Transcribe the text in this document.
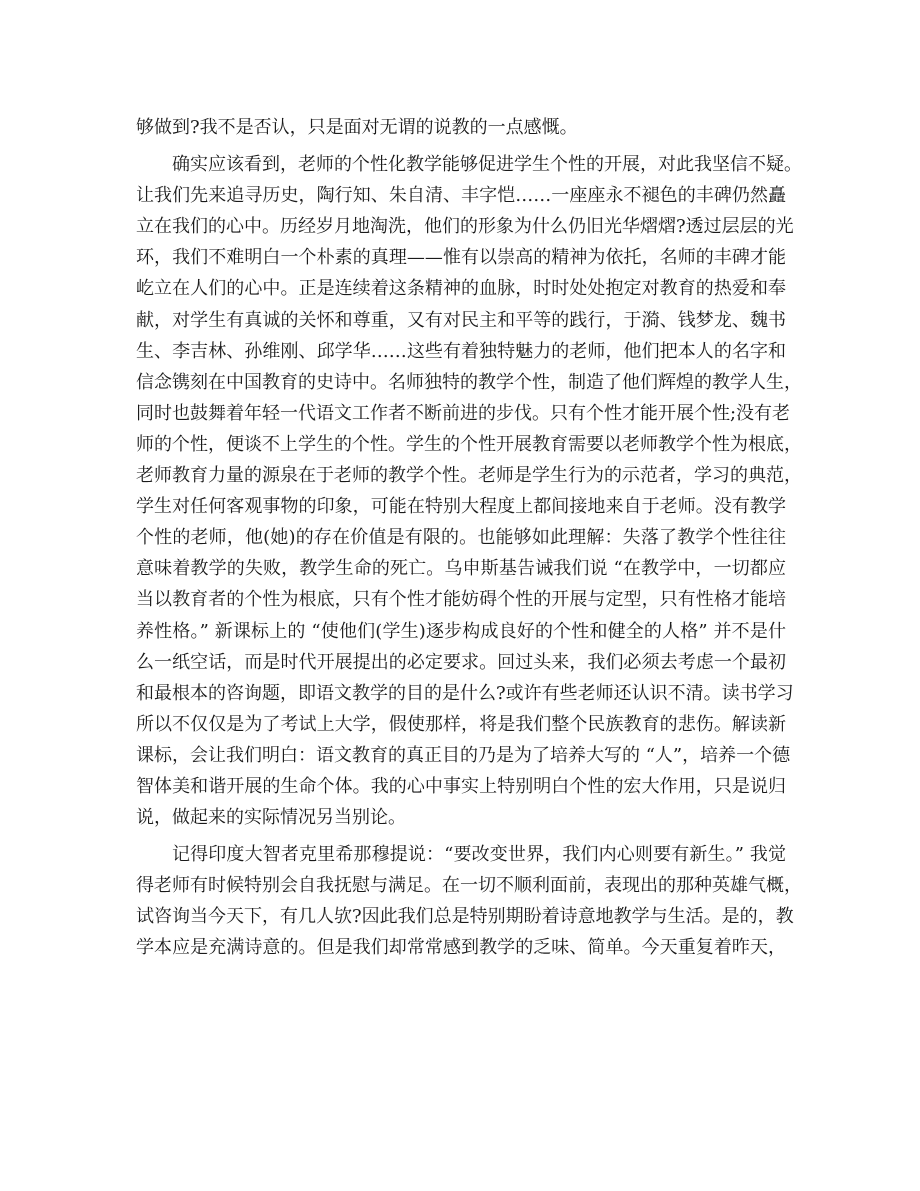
够做到?我不是否认，只是面对无谓的说教的一点感慨。
确实应该看到，老师的个性化教学能够促进学生个性的开展，对此我坚信不疑。
让我们先来追寻历史，陶行知、朱自清、丰字恺……一座座永不褪色的丰碑仍然矗
立在我们的心中。历经岁月地淘洗，他们的形象为什么仍旧光华熠熠?透过层层的光
环，我们不难明白一个朴素的真理——惟有以崇高的精神为依托，名师的丰碑才能
屹立在人们的心中。正是连续着这条精神的血脉，时时处处抱定对教育的热爱和奉
献，对学生有真诚的关怀和尊重，又有对民主和平等的践行，于漪、钱梦龙、魏书
生、李吉林、孙维刚、邱学华……这些有着独特魅力的老师，他们把本人的名字和
信念镌刻在中国教育的史诗中。名师独特的教学个性，制造了他们辉煌的教学人生，
同时也鼓舞着年轻一代语文工作者不断前进的步伐。只有个性才能开展个性;没有老
师的个性，便谈不上学生的个性。学生的个性开展教育需要以老师教学个性为根底，
老师教育力量的源泉在于老师的教学个性。老师是学生行为的示范者，学习的典范，
学生对任何客观事物的印象，可能在特别大程度上都间接地来自于老师。没有教学
个性的老师，他(她)的存在价值是有限的。也能够如此理解：失落了教学个性往往
意味着教学的失败，教学生命的死亡。乌申斯基告诫我们说 “在教学中，一切都应
当以教育者的个性为根底，只有个性才能妨碍个性的开展与定型，只有性格才能培
养性格。” 新课标上的 “使他们(学生)逐步构成良好的个性和健全的人格” 并不是什
么一纸空话，而是时代开展提出的必定要求。回过头来，我们必须去考虑一个最初
和最根本的咨询题，即语文教学的目的是什么?或许有些老师还认识不清。读书学习
所以不仅仅是为了考试上大学，假使那样，将是我们整个民族教育的悲伤。解读新
课标，会让我们明白：语文教育的真正目的乃是为了培养大写的 “人”，培养一个德
智体美和谐开展的生命个体。我的心中事实上特别明白个性的宏大作用，只是说归
说，做起来的实际情况另当别论。
记得印度大智者克里希那穆提说：“要改变世界，我们内心则要有新生。” 我觉
得老师有时候特别会自我抚慰与满足。在一切不顺利面前，表现出的那种英雄气概，
试咨询当今天下，有几人欤?因此我们总是特别期盼着诗意地教学与生活。是的，教
学本应是充满诗意的。但是我们却常常感到教学的乏味、简单。今天重复着昨天，
